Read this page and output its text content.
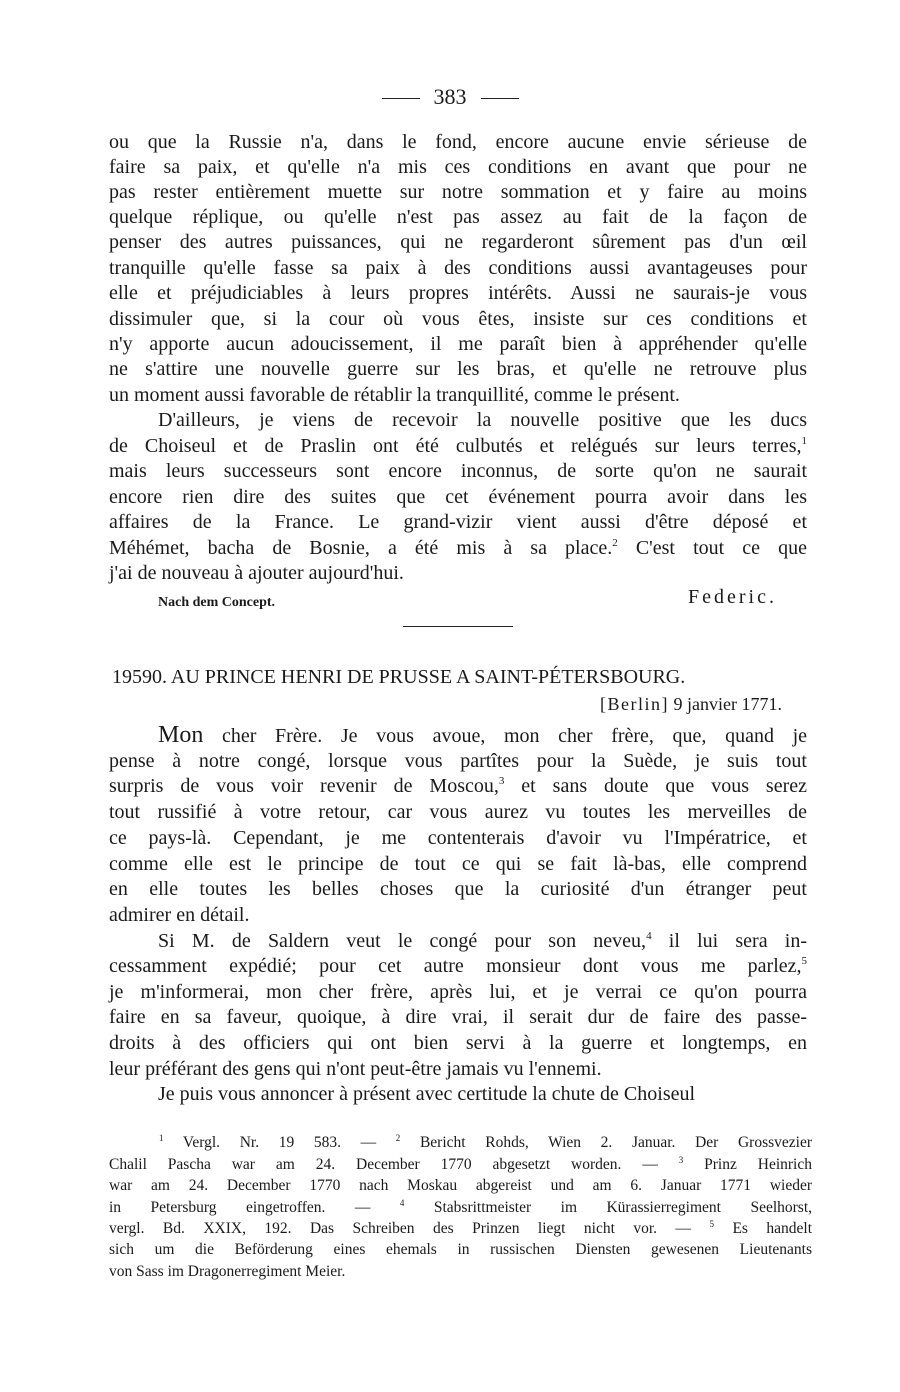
383
ou que la Russie n'a, dans le fond, encore aucune envie sérieuse de
faire sa paix, et qu'elle n'a mis ces conditions en avant que pour ne
pas rester entièrement muette sur notre sommation et y faire au moins
quelque réplique, ou qu'elle n'est pas assez au fait de la façon de
penser des autres puissances, qui ne regarderont sûrement pas d'un œil
tranquille qu'elle fasse sa paix à des conditions aussi avantageuses pour
elle et préjudiciables à leurs propres intérêts. Aussi ne saurais-je vous
dissimuler que, si la cour où vous êtes, insiste sur ces conditions et
n'y apporte aucun adoucissement, il me paraît bien à appréhender qu'elle
ne s'attire une nouvelle guerre sur les bras, et qu'elle ne retrouve plus
un moment aussi favorable de rétablir la tranquillité, comme le présent.
D'ailleurs, je viens de recevoir la nouvelle positive que les ducs
de Choiseul et de Praslin ont été culbutés et relégués sur leurs terres,$^1$
mais leurs successeurs sont encore inconnus, de sorte qu'on ne saurait
encore rien dire des suites que cet événement pourra avoir dans les
affaires de la France. Le grand-vizir vient aussi d'être déposé et
Méhémet, bacha de Bosnie, a été mis à sa place.$^2$ C'est tout ce que
j'ai de nouveau à ajouter aujourd'hui.
Nach dem Concept.	Federic.
19590. AU PRINCE HENRI DE PRUSSE A SAINT-PÉTERSBOURG.
[Berlin] 9 janvier 1771.
Mon cher Frère. Je vous avoue, mon cher frère, que, quand je
pense à notre congé, lorsque vous partîtes pour la Suède, je suis tout
surpris de vous voir revenir de Moscou,$^3$ et sans doute que vous serez
tout russifié à votre retour, car vous aurez vu toutes les merveilles de
ce pays-là. Cependant, je me contenterais d'avoir vu l'Impératrice, et
comme elle est le principe de tout ce qui se fait là-bas, elle comprend
en elle toutes les belles choses que la curiosité d'un étranger peut
admirer en détail.
Si M. de Saldern veut le congé pour son neveu,$^4$ il lui sera in-
cessamment expédié; pour cet autre monsieur dont vous me parlez,$^5$
je m'informerai, mon cher frère, après lui, et je verrai ce qu'on pourra
faire en sa faveur, quoique, à dire vrai, il serait dur de faire des passe-
droits à des officiers qui ont bien servi à la guerre et longtemps, en
leur préférant des gens qui n'ont peut-être jamais vu l'ennemi.
Je puis vous annoncer à présent avec certitude la chute de Choiseul
$^1$ Vergl. Nr. 19 583. — $^2$ Bericht Rohds, Wien 2. Januar. Der Grossvezier
Chalil Pascha war am 24. December 1770 abgesetzt worden. — $^3$ Prinz Heinrich
war am 24. December 1770 nach Moskau abgereist und am 6. Januar 1771 wieder
in Petersburg eingetroffen. —	$^4$ Stabsrittmeister im Kürassierregiment Seelhorst,
vergl. Bd. XXIX, 192. Das Schreiben des Prinzen liegt nicht vor. — $^5$ Es handelt
sich um die Beförderung eines ehemals in russischen Diensten gewesenen Lieutenants
von Sass im Dragonerregiment Meier.
